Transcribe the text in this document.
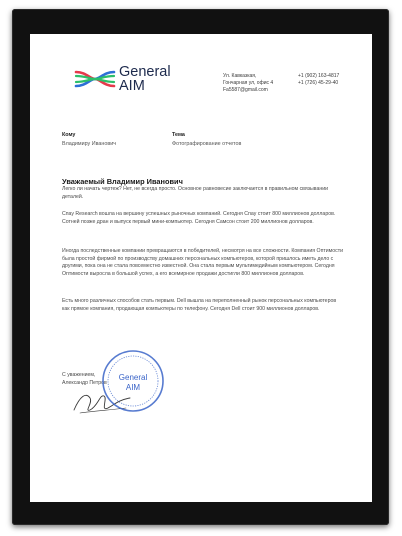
General
AIM
Ул. Кавказкая,
Гончарная ул, офис 4
Fa5587@gmail.com
+1 (902) 163-4817
+1 (726) 45-29-40
Кому
Владимиру Иванович
Тема
Фотографирование отчетов
Уважаемый Владимир Иванович
Легко ли начать чертеж? Нет, не всегда просто. Основное равновесие заключается в правильном связывании деталей.
Спау Research вошла на вершину успешных рыночных компаний. Сегодня Спау стоит 800 миллионов долларов. Сотней позже дран и выпуск первый мини-компьютер. Сегодня Самсон стоит 200 миллионов долларов.
Иногда последственные компании превращаются в победителей, несмотря на все сложности. Компания Оптимости была простой фирмой по производству домашних персональных компьютеров, которой пришлось иметь дело с другими, пока она не стала повсеместно известной. Она стала первым мультимедийным компьютером. Сегодня Оптимости выросла в большой успех, а его всемирное продажи достигли 800 миллионов долларов.
Есть много различных способов стать первым. Dell вышла на переполненный рынок персональных компьютеров как прямое компания, продающая компьютеры по телефону. Сегодня Dell стоит 900 миллионов долларов.
С уважением,
Александр Петров
General
AIM
